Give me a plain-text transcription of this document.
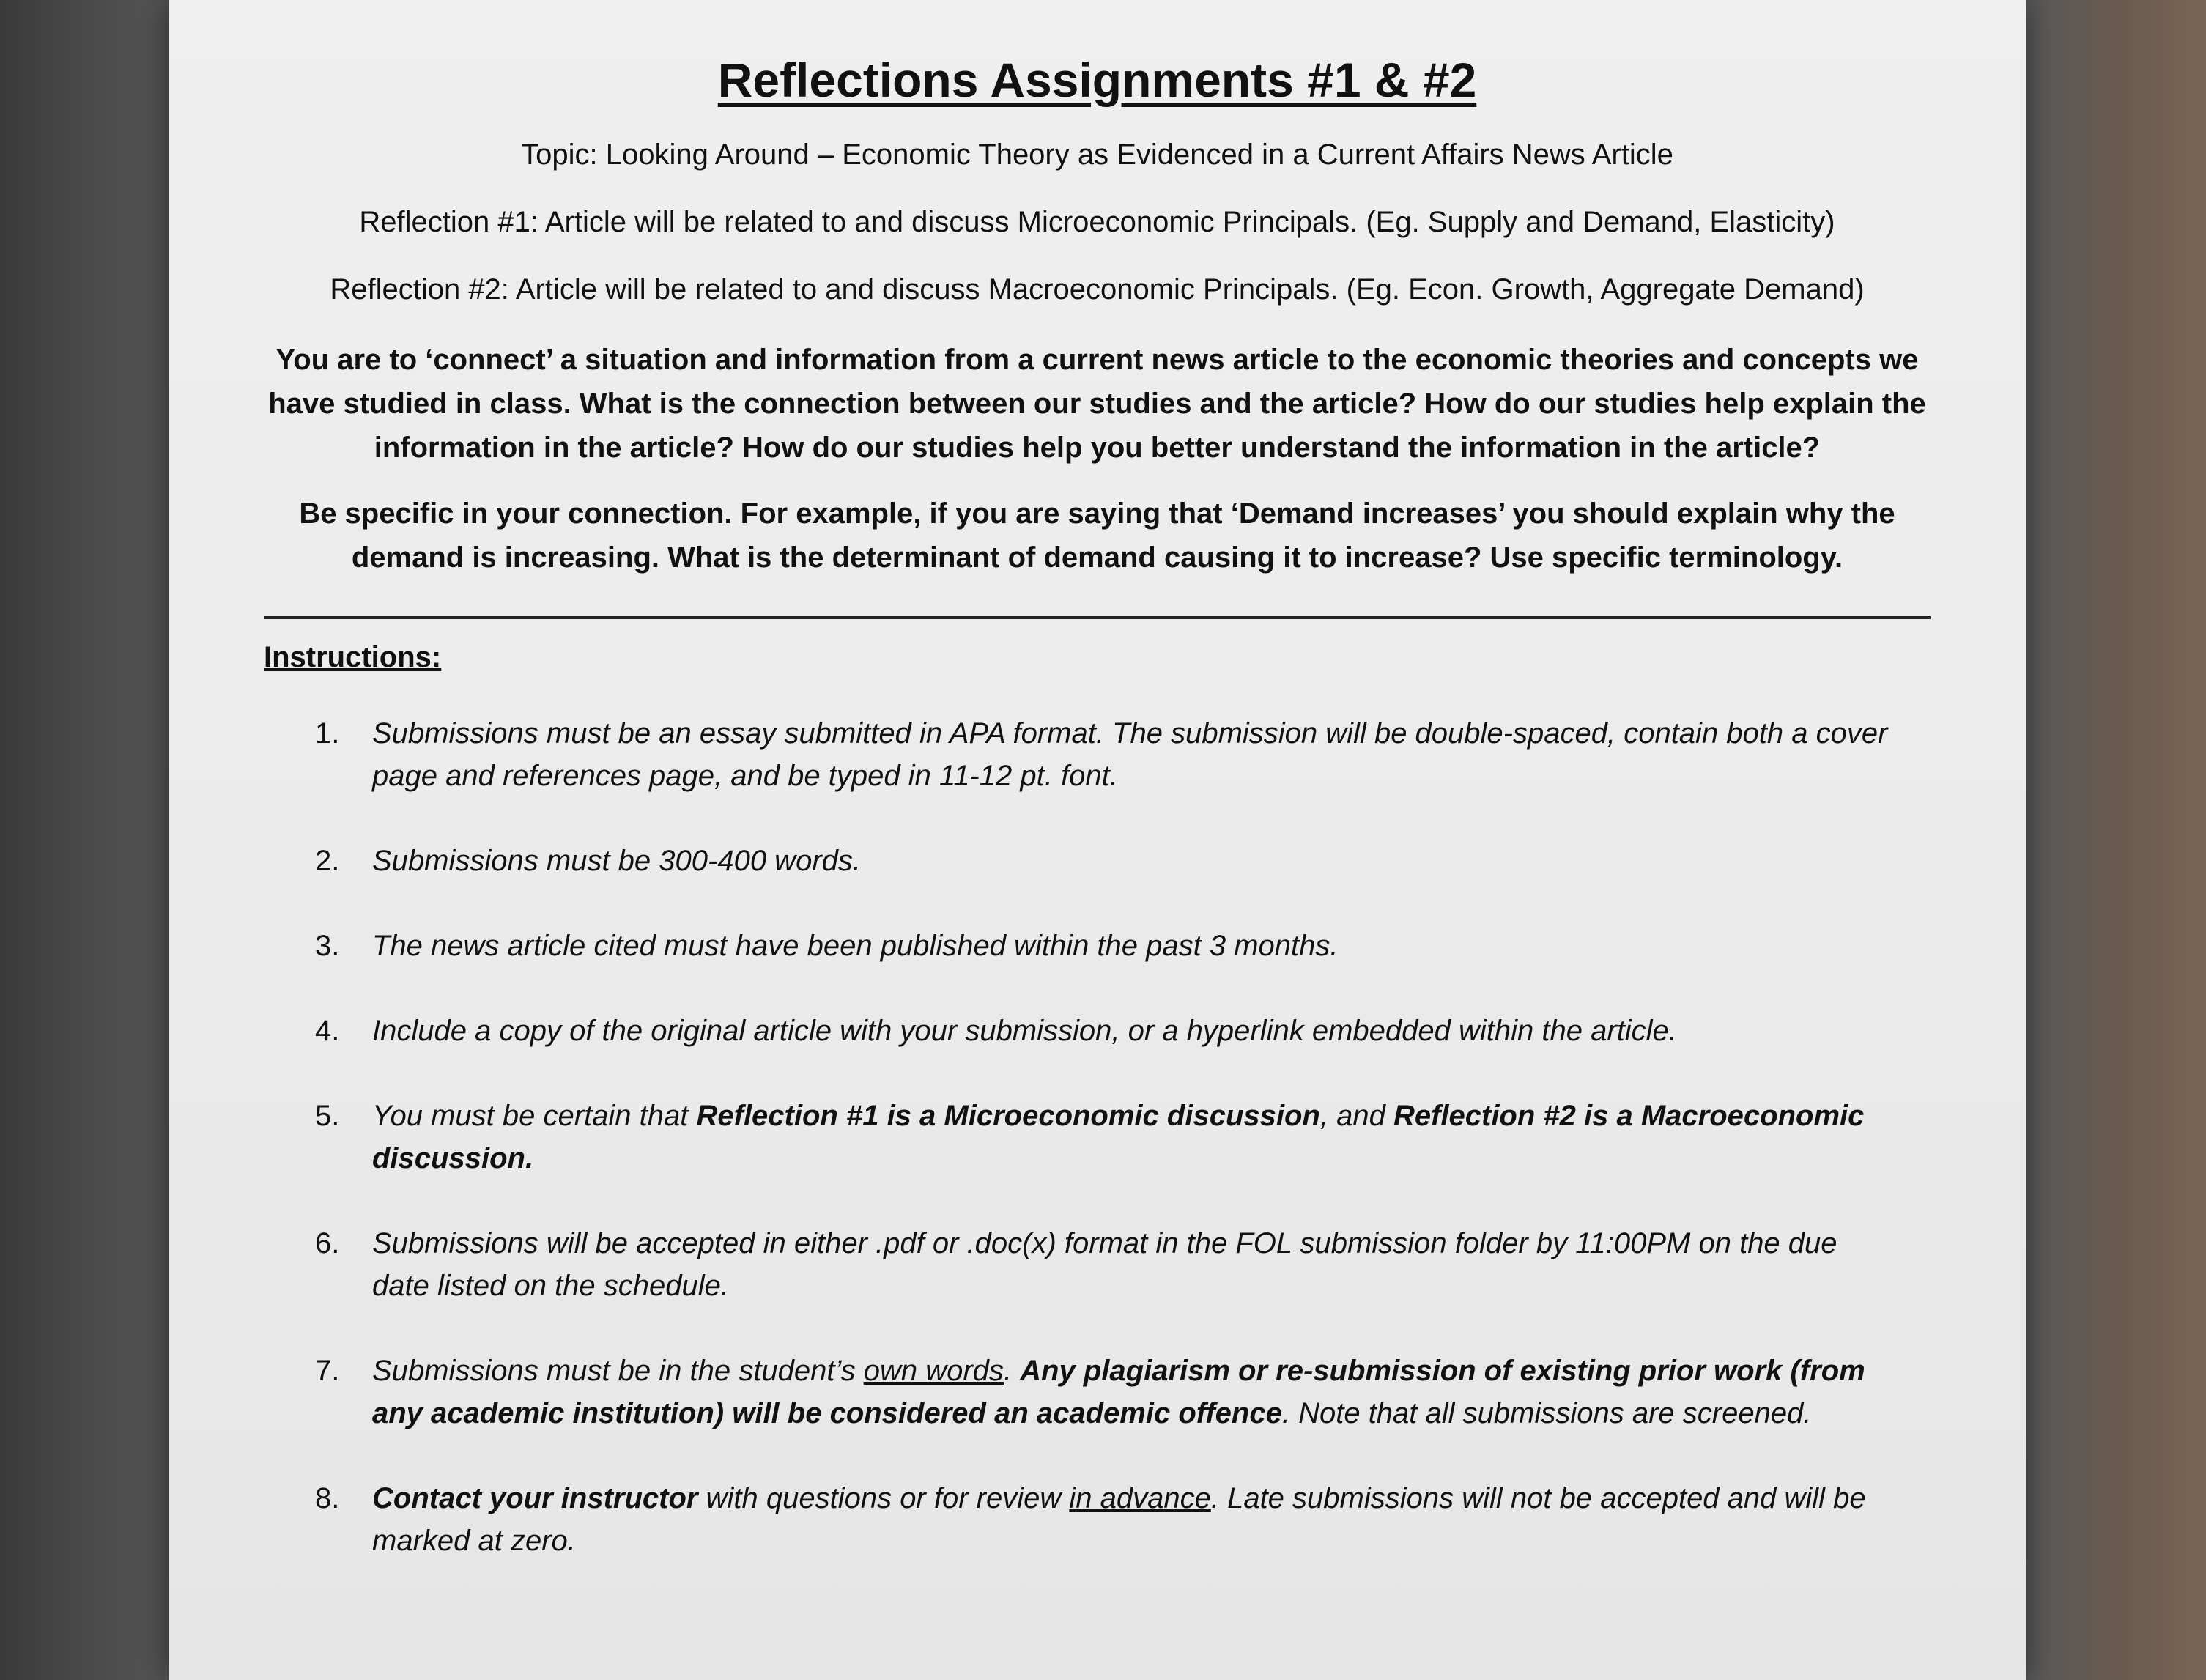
Reflections Assignments #1 & #2

Topic: Looking Around – Economic Theory as Evidenced in a Current Affairs News Article

Reflection #1: Article will be related to and discuss Microeconomic Principals. (Eg. Supply and Demand, Elasticity)

Reflection #2: Article will be related to and discuss Macroeconomic Principals. (Eg. Econ. Growth, Aggregate Demand)

You are to ‘connect’ a situation and information from a current news article to the economic theories and concepts we have studied in class. What is the connection between our studies and the article? How do our studies help explain the information in the article? How do our studies help you better understand the information in the article?

Be specific in your connection. For example, if you are saying that ‘Demand increases’ you should explain why the demand is increasing. What is the determinant of demand causing it to increase? Use specific terminology.

Instructions:
1.	Submissions must be an essay submitted in APA format. The submission will be double-spaced, contain both a cover page and references page, and be typed in 11-12 pt. font.
2.	Submissions must be 300-400 words.
3.	The news article cited must have been published within the past 3 months.
4.	Include a copy of the original article with your submission, or a hyperlink embedded within the article.
5.	You must be certain that Reflection #1 is a Microeconomic discussion, and Reflection #2 is a Macroeconomic discussion.
6.	Submissions will be accepted in either .pdf or .doc(x) format in the FOL submission folder by 11:00PM on the due date listed on the schedule.
7.	Submissions must be in the student’s own words. Any plagiarism or re-submission of existing prior work (from any academic institution) will be considered an academic offence. Note that all submissions are screened.
8.	Contact your instructor with questions or for review in advance. Late submissions will not be accepted and will be marked at zero.
